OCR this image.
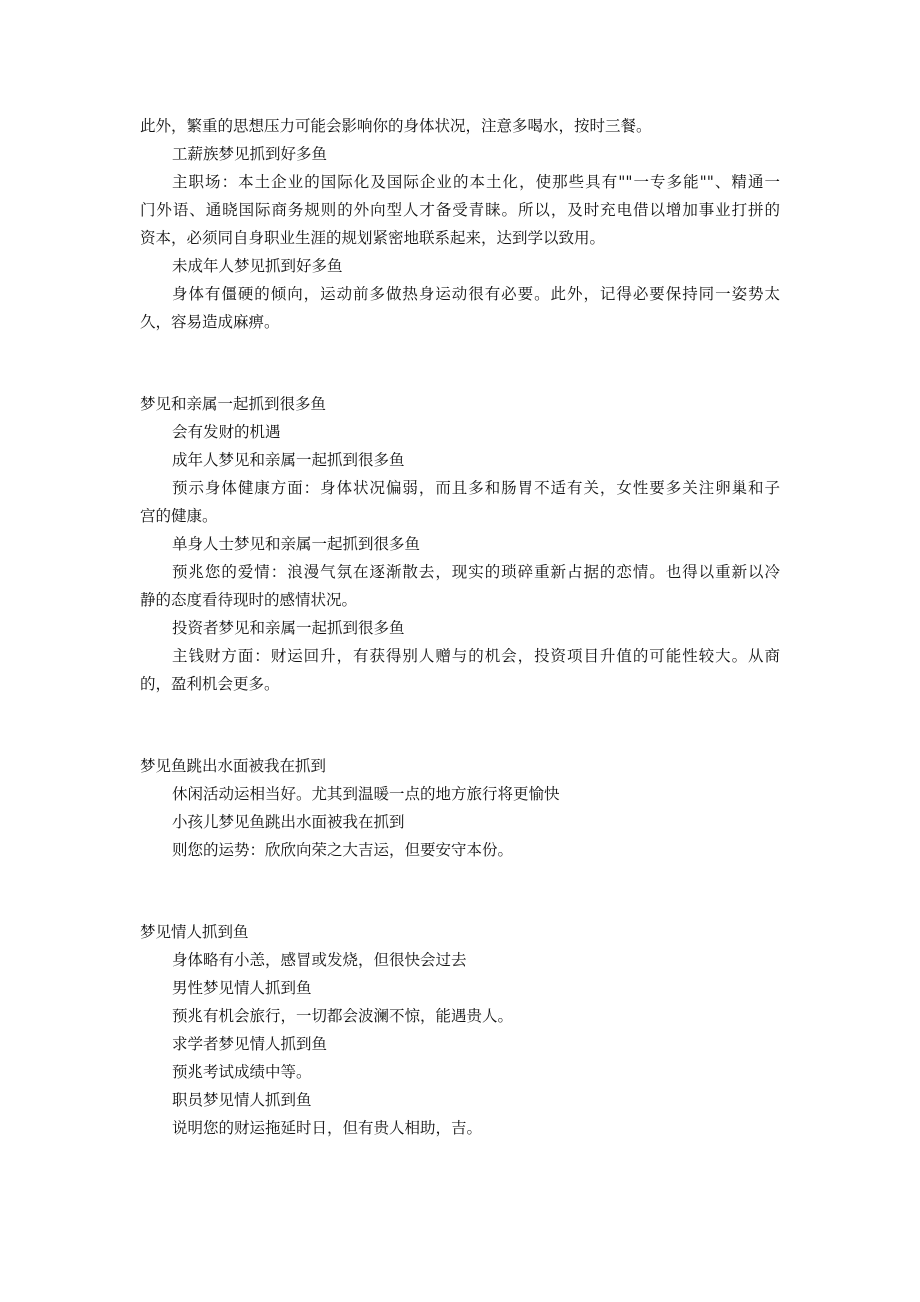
此外，繁重的思想压力可能会影响你的身体状况，注意多喝水，按时三餐。
工薪族梦见抓到好多鱼
主职场：本土企业的国际化及国际企业的本土化，使那些具有""一专多能""、精通一
门外语、通晓国际商务规则的外向型人才备受青睐。所以，及时充电借以增加事业打拼的
资本，必须同自身职业生涯的规划紧密地联系起来，达到学以致用。
未成年人梦见抓到好多鱼
身体有僵硬的倾向，运动前多做热身运动很有必要。此外，记得必要保持同一姿势太
久，容易造成麻痹。
梦见和亲属一起抓到很多鱼
会有发财的机遇
成年人梦见和亲属一起抓到很多鱼
预示身体健康方面：身体状况偏弱，而且多和肠胃不适有关，女性要多关注卵巢和子
宫的健康。
单身人士梦见和亲属一起抓到很多鱼
预兆您的爱情：浪漫气氛在逐渐散去，现实的琐碎重新占据的恋情。也得以重新以冷
静的态度看待现时的感情状况。
投资者梦见和亲属一起抓到很多鱼
主钱财方面：财运回升，有获得别人赠与的机会，投资项目升值的可能性较大。从商
的，盈利机会更多。
梦见鱼跳出水面被我在抓到
休闲活动运相当好。尤其到温暖一点的地方旅行将更愉快
小孩儿梦见鱼跳出水面被我在抓到
则您的运势：欣欣向荣之大吉运，但要安守本份。
梦见情人抓到鱼
身体略有小恙，感冒或发烧，但很快会过去
男性梦见情人抓到鱼
预兆有机会旅行，一切都会波澜不惊，能遇贵人。
求学者梦见情人抓到鱼
预兆考试成绩中等。
职员梦见情人抓到鱼
说明您的财运拖延时日，但有贵人相助，吉。
